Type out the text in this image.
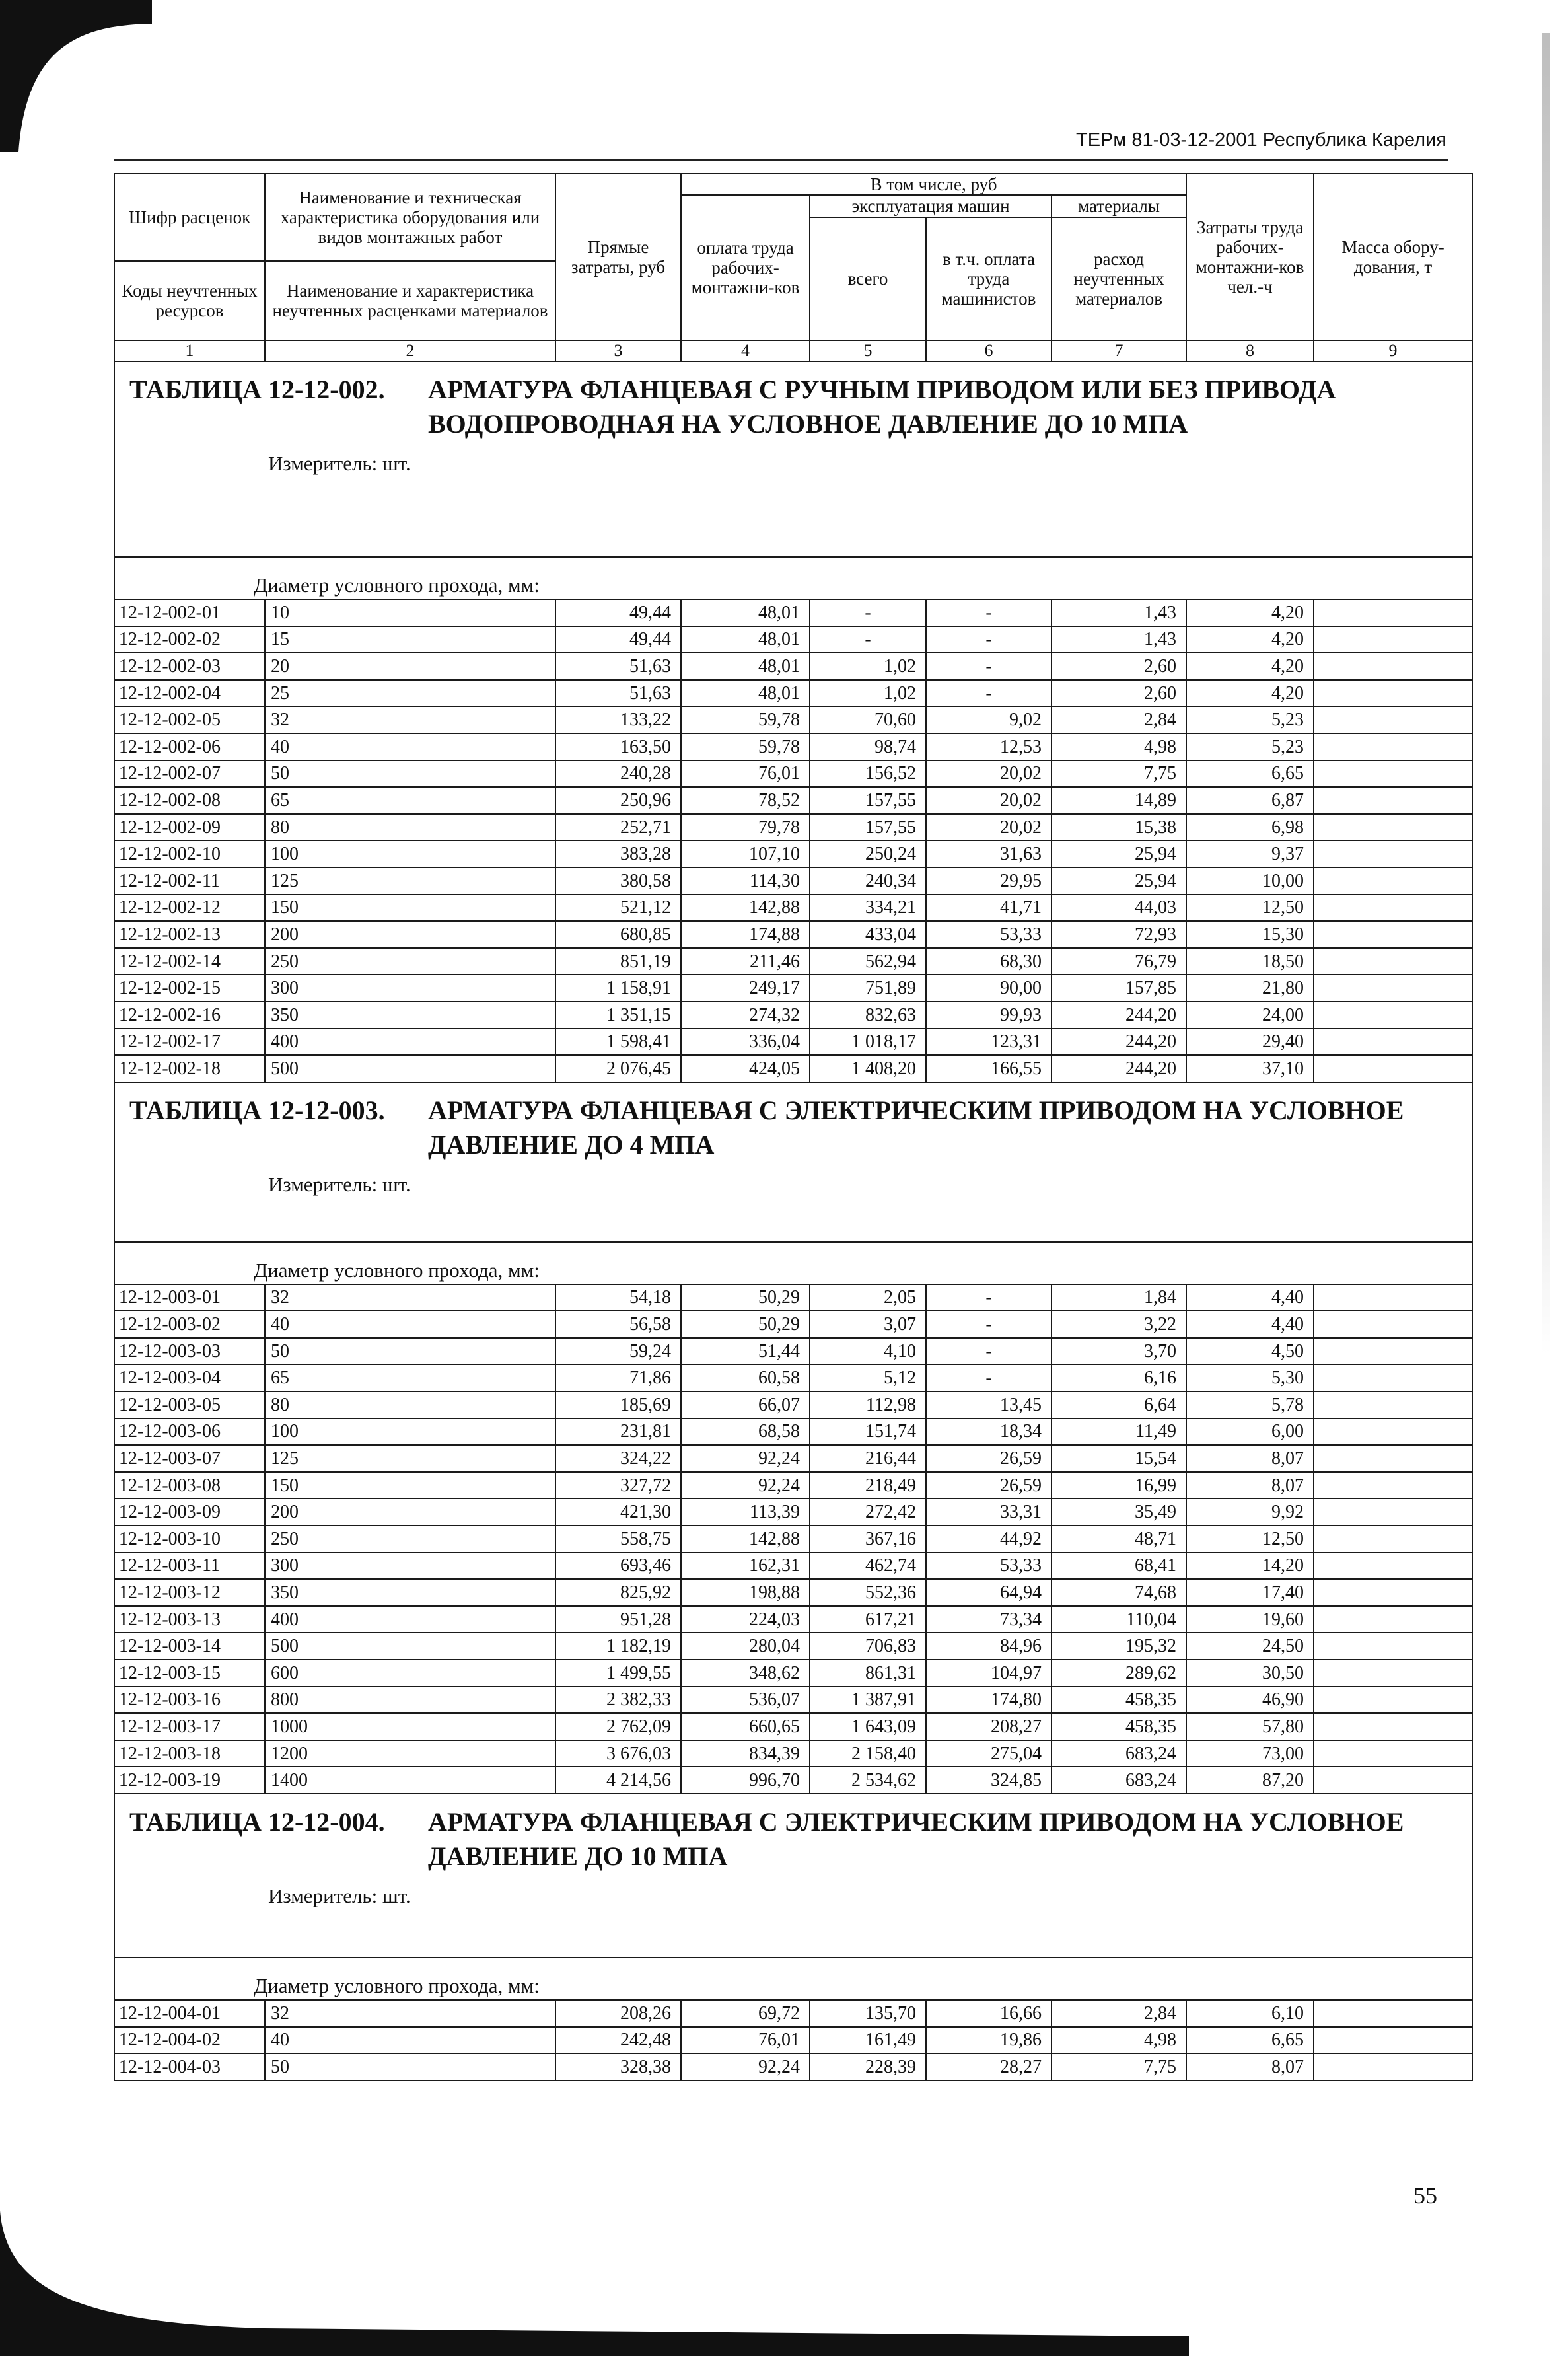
ТЕРм 81-03-12-2001 Республика Карелия
Шифр расценок	Наименование и техническая характеристика оборудования или видов монтажных работ	Прямые затраты, руб	В том числе, руб				Затраты труда рабочих-монтажни-ков чел.-ч	Масса обору-дования, т
			оплата труда рабочих-монтажни-ков	эксплуатация машин		материалы		
				всего	в т.ч. оплата труда машинистов	расход неучтенных материалов		
Коды неучтенных ресурсов	Наименование и характеристика неучтенных расценками материалов							

1	2	3	4	5	6	7	8	9

ТАБЛИЦА 12-12-002. АРМАТУРА ФЛАНЦЕВАЯ С РУЧНЫМ ПРИВОДОМ ИЛИ БЕЗ ПРИВОДА ВОДОПРОВОДНАЯ НА УСЛОВНОЕ ДАВЛЕНИЕ ДО 10 МПА
Измеритель: шт.								

Диаметр условного прохода, мм:								
12-12-002-01	10	49,44	48,01	-	-	1,43	4,20	
12-12-002-02	15	49,44	48,01	-	-	1,43	4,20	
12-12-002-03	20	51,63	48,01	1,02	-	2,60	4,20	
12-12-002-04	25	51,63	48,01	1,02	-	2,60	4,20	
12-12-002-05	32	133,22	59,78	70,60	9,02	2,84	5,23	
12-12-002-06	40	163,50	59,78	98,74	12,53	4,98	5,23	
12-12-002-07	50	240,28	76,01	156,52	20,02	7,75	6,65	
12-12-002-08	65	250,96	78,52	157,55	20,02	14,89	6,87	
12-12-002-09	80	252,71	79,78	157,55	20,02	15,38	6,98	
12-12-002-10	100	383,28	107,10	250,24	31,63	25,94	9,37	
12-12-002-11	125	380,58	114,30	240,34	29,95	25,94	10,00	
12-12-002-12	150	521,12	142,88	334,21	41,71	44,03	12,50	
12-12-002-13	200	680,85	174,88	433,04	53,33	72,93	15,30	
12-12-002-14	250	851,19	211,46	562,94	68,30	76,79	18,50	
12-12-002-15	300	1 158,91	249,17	751,89	90,00	157,85	21,80	
12-12-002-16	350	1 351,15	274,32	832,63	99,93	244,20	24,00	
12-12-002-17	400	1 598,41	336,04	1 018,17	123,31	244,20	29,40	
12-12-002-18	500	2 076,45	424,05	1 408,20	166,55	244,20	37,10	

ТАБЛИЦА 12-12-003. АРМАТУРА ФЛАНЦЕВАЯ С ЭЛЕКТРИЧЕСКИМ ПРИВОДОМ НА УСЛОВНОЕ ДАВЛЕНИЕ ДО 4 МПА
Измеритель: шт.								

Диаметр условного прохода, мм:								
12-12-003-01	32	54,18	50,29	2,05	-	1,84	4,40	
12-12-003-02	40	56,58	50,29	3,07	-	3,22	4,40	
12-12-003-03	50	59,24	51,44	4,10	-	3,70	4,50	
12-12-003-04	65	71,86	60,58	5,12	-	6,16	5,30	
12-12-003-05	80	185,69	66,07	112,98	13,45	6,64	5,78	
12-12-003-06	100	231,81	68,58	151,74	18,34	11,49	6,00	
12-12-003-07	125	324,22	92,24	216,44	26,59	15,54	8,07	
12-12-003-08	150	327,72	92,24	218,49	26,59	16,99	8,07	
12-12-003-09	200	421,30	113,39	272,42	33,31	35,49	9,92	
12-12-003-10	250	558,75	142,88	367,16	44,92	48,71	12,50	
12-12-003-11	300	693,46	162,31	462,74	53,33	68,41	14,20	
12-12-003-12	350	825,92	198,88	552,36	64,94	74,68	17,40	
12-12-003-13	400	951,28	224,03	617,21	73,34	110,04	19,60	
12-12-003-14	500	1 182,19	280,04	706,83	84,96	195,32	24,50	
12-12-003-15	600	1 499,55	348,62	861,31	104,97	289,62	30,50	
12-12-003-16	800	2 382,33	536,07	1 387,91	174,80	458,35	46,90	
12-12-003-17	1000	2 762,09	660,65	1 643,09	208,27	458,35	57,80	
12-12-003-18	1200	3 676,03	834,39	2 158,40	275,04	683,24	73,00	
12-12-003-19	1400	4 214,56	996,70	2 534,62	324,85	683,24	87,20	

ТАБЛИЦА 12-12-004. АРМАТУРА ФЛАНЦЕВАЯ С ЭЛЕКТРИЧЕСКИМ ПРИВОДОМ НА УСЛОВНОЕ ДАВЛЕНИЕ ДО 10 МПА
Измеритель: шт.								

Диаметр условного прохода, мм:								
12-12-004-01	32	208,26	69,72	135,70	16,66	2,84	6,10	
12-12-004-02	40	242,48	76,01	161,49	19,86	4,98	6,65	
12-12-004-03	50	328,38	92,24	228,39	28,27	7,75	8,07	
55
